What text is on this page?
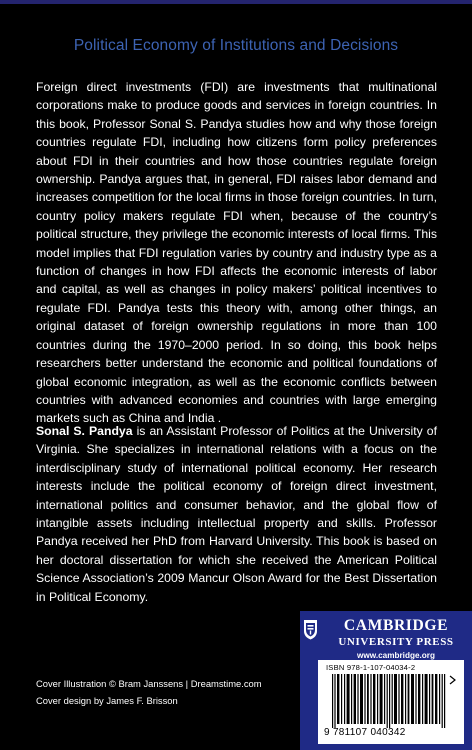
Political Economy of Institutions and Decisions

Foreign direct investments (FDI) are investments that multinational corporations make to produce goods and services in foreign countries. In this book, Professor Sonal S. Pandya studies how and why those foreign countries regulate FDI, including how citizens form policy preferences about FDI in their countries and how those countries regulate foreign ownership. Pandya argues that, in general, FDI raises labor demand and increases competition for the local firms in those foreign countries. In turn, country policy makers regulate FDI when, because of the country’s political structure, they privilege the economic interests of local firms. This model implies that FDI regulation varies by country and industry type as a function of changes in how FDI affects the economic interests of labor and capital, as well as changes in policy makers’ political incentives to regulate FDI. Pandya tests this theory with, among other things, an original dataset of foreign ownership regulations in more than 100 countries during the 1970–2000 period. In so doing, this book helps researchers better understand the economic and political foundations of global economic integration, as well as the economic conflicts between countries with advanced economies and countries with large emerging markets such as China and India .

Sonal S. Pandya is an Assistant Professor of Politics at the University of Virginia. She specializes in international relations with a focus on the interdisciplinary study of international political economy. Her research interests include the political economy of foreign direct investment, international politics and consumer behavior, and the global flow of intangible assets including intellectual property and skills. Professor Pandya received her PhD from Harvard University. This book is based on her doctoral dissertation for which she received the American Political Science Association’s 2009 Mancur Olson Award for the Best Dissertation in Political Economy.

Cover Illustration © Bram Janssens | Dreamstime.com
Cover design by James F. Brisson
CAMBRIDGE
UNIVERSITY PRESS
www.cambridge.org
ISBN 978-1-107-04034-2
9 781107 040342
